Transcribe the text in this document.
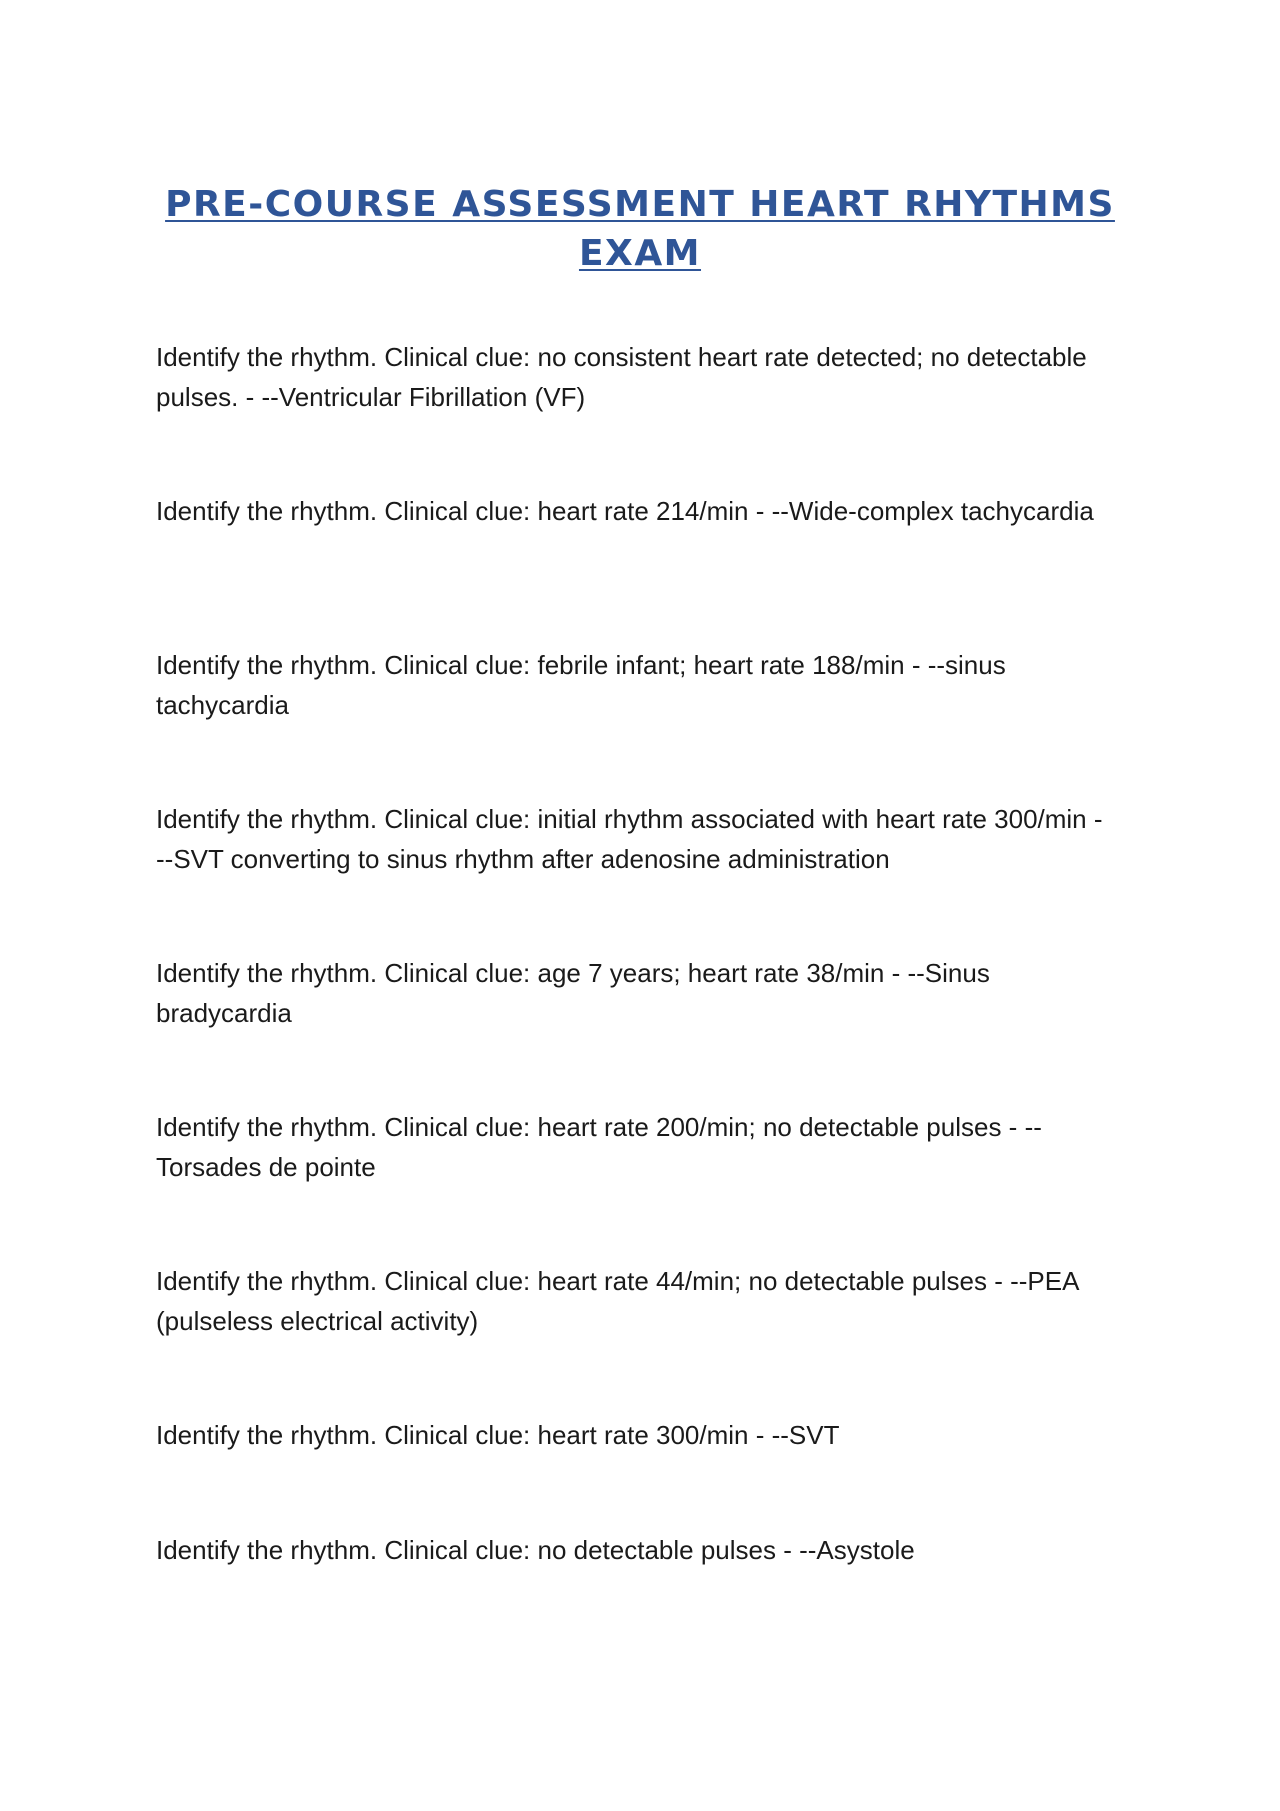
PRE-COURSE ASSESSMENT HEART RHYTHMS EXAM

Identify the rhythm. Clinical clue: no consistent heart rate detected; no detectable pulses. - --Ventricular Fibrillation (VF)

Identify the rhythm. Clinical clue: heart rate 214/min - --Wide-complex tachycardia

Identify the rhythm. Clinical clue: febrile infant; heart rate 188/min - --sinus tachycardia

Identify the rhythm. Clinical clue: initial rhythm associated with heart rate 300/min - --SVT converting to sinus rhythm after adenosine administration

Identify the rhythm. Clinical clue: age 7 years; heart rate 38/min - --Sinus bradycardia

Identify the rhythm. Clinical clue: heart rate 200/min; no detectable pulses - --Torsades de pointe

Identify the rhythm. Clinical clue: heart rate 44/min; no detectable pulses - --PEA (pulseless electrical activity)

Identify the rhythm. Clinical clue: heart rate 300/min - --SVT

Identify the rhythm. Clinical clue: no detectable pulses - --Asystole
